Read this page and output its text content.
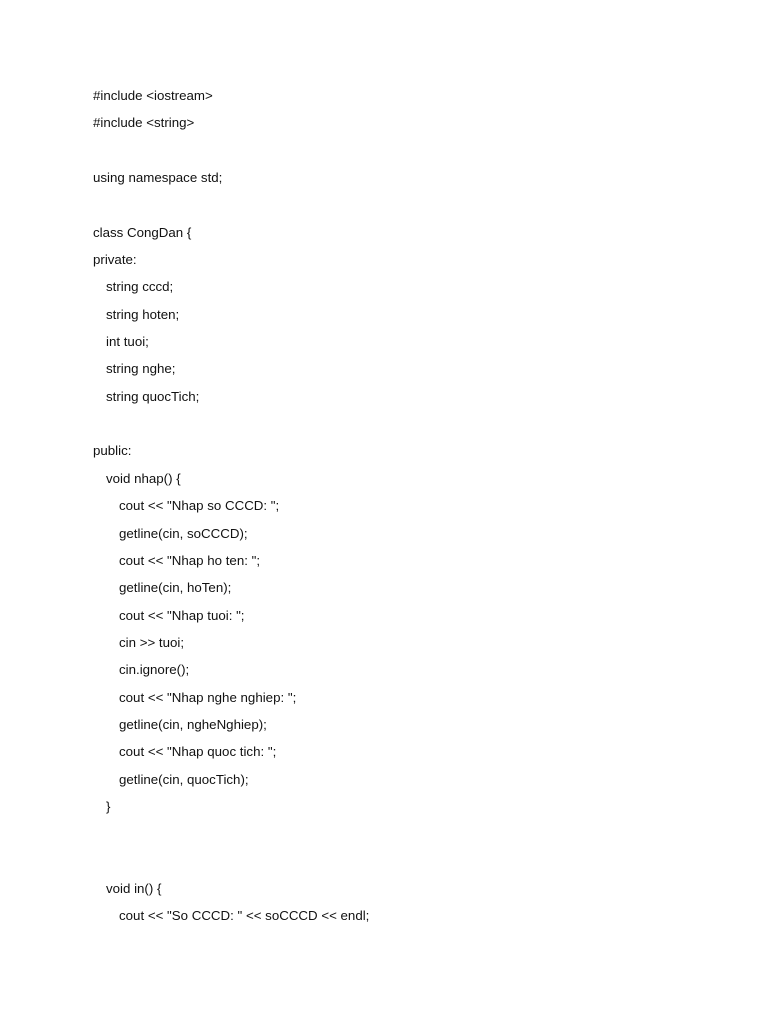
#include <iostream>
#include <string>
using namespace std;
class CongDan {
private:
string cccd;
string hoten;
int tuoi;
string nghe;
string quocTich;
public:
void nhap() {
cout << "Nhap so CCCD: ";
getline(cin, soCCCD);
cout << "Nhap ho ten: ";
getline(cin, hoTen);
cout << "Nhap tuoi: ";
cin >> tuoi;
cin.ignore();
cout << "Nhap nghe nghiep: ";
getline(cin, ngheNghiep);
cout << "Nhap quoc tich: ";
getline(cin, quocTich);
}
void in() {
cout << "So CCCD: " << soCCCD << endl;
